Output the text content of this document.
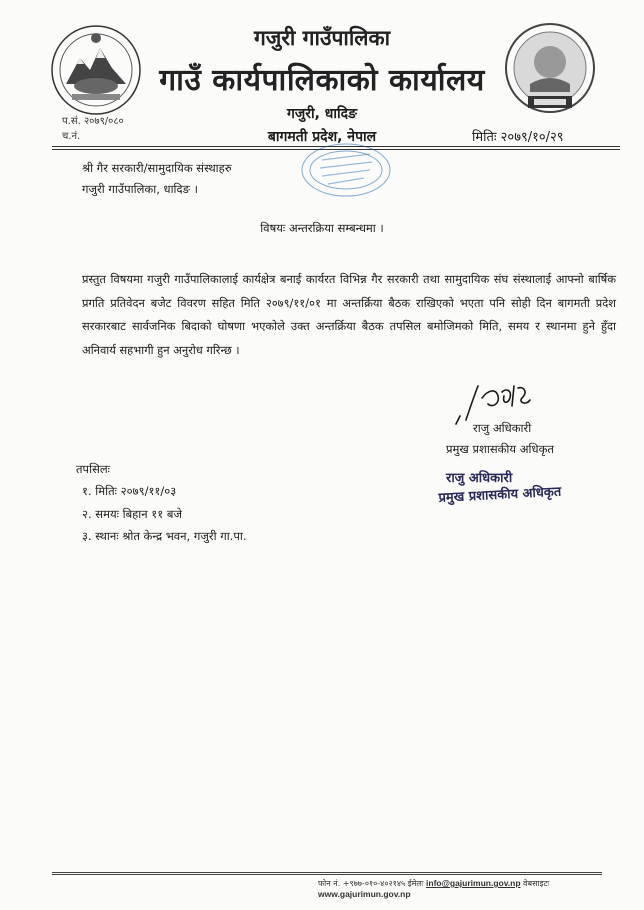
गजुरी गाउँपालिका
गाउँ कार्यपालिकाको कार्यालय
गजुरी, धादिङ
बागमती प्रदेश, नेपाल
प.सं. २०७९/०८०
च.नं.	मितिः २०७९/१०/२९
श्री गैर सरकारी/सामुदायिक संस्थाहरु
गजुरी गाउँपालिका, धादिङ ।
विषयः अन्तरक्रिया सम्बन्धमा ।
प्रस्तुत विषयमा गजुरी गाउँपालिकालाई कार्यक्षेत्र बनाई कार्यरत विभिन्न गैर सरकारी तथा सामुदायिक संघ संस्थालाई आफ्नो बार्षिक प्रगति प्रतिवेदन बजेट विवरण सहित मिति २०७९/११/०१ मा अन्तर्क्रिया बैठक राखिएको भएता पनि सोही दिन बागमती प्रदेश सरकारबाट सार्वजनिक बिदाको घोषणा भएकोले उक्त अन्तर्क्रिया बैठक तपसिल बमोजिमको मिति, समय र स्थानमा हुने हुँदा अनिवार्य सहभागी हुन अनुरोध गरिन्छ ।
राजु अधिकारी
प्रमुख प्रशासकीय अधिकृत
तपसिलः
१. मितिः २०७९/११/०३
२. समयः बिहान ११ बजे
३. स्थानः श्रोत केन्द्र भवन, गजुरी गा.पा.
राजु अधिकारी
प्रमुख प्रशासकीय अधिकृत
फोन नं. +९७७-०१०-४०२१४५ ईमेलः info@gajurimun.gov.np वेबसाइटः www.gajurimun.gov.np
